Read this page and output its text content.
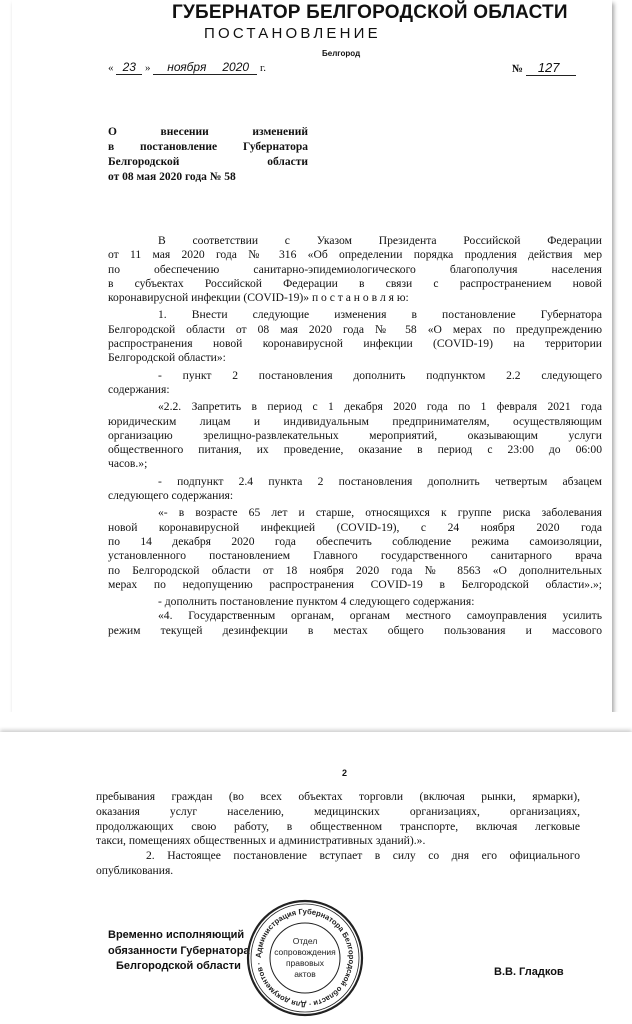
ГУБЕРНАТОР БЕЛГОРОДСКОЙ ОБЛАСТИ
ПОСТАНОВЛЕНИЕ
Белгород
« 23 » ноября 2020 г.	№ 127
О внесении изменений
в постановление Губернатора
Белгородской области
от 08 мая 2020 года № 58
В соответствии с Указом Президента Российской Федерации
от 11 мая 2020 года № 316 «Об определении порядка продления действия мер
по обеспечению санитарно-эпидемиологического благополучия населения
в субъектах Российской Федерации в связи с распространением новой
коронавирусной инфекции (COVID-19)» п о с т а н о в л я ю:
1. Внести следующие изменения в постановление Губернатора
Белгородской области от 08 мая 2020 года № 58 «О мерах по предупреждению
распространения новой коронавирусной инфекции (COVID-19) на территории
Белгородской области»:
- пункт 2 постановления дополнить подпунктом 2.2 следующего
содержания:
«2.2. Запретить в период с 1 декабря 2020 года по 1 февраля 2021 года
юридическим лицам и индивидуальным предпринимателям, осуществляющим
организацию зрелищно-развлекательных мероприятий, оказывающим услуги
общественного питания, их проведение, оказание в период с 23:00 до 06:00
часов.»;
- подпункт 2.4 пункта 2 постановления дополнить четвертым абзацем
следующего содержания:
«- в возрасте 65 лет и старше, относящихся к группе риска заболевания
новой коронавирусной инфекцией (COVID-19), с 24 ноября 2020 года
по 14 декабря 2020 года обеспечить соблюдение режима самоизоляции,
установленного постановлением Главного государственного санитарного врача
по Белгородской области от 18 ноября 2020 года № 8563 «О дополнительных
мерах по недопущению распространения COVID-19 в Белгородской области».»;
- дополнить постановление пунктом 4 следующего содержания:
«4. Государственным органам, органам местного самоуправления усилить
режим текущей дезинфекции в местах общего пользования и массового
2
пребывания граждан (во всех объектах торговли (включая рынки, ярмарки),
оказания услуг населению, медицинских организациях, организациях,
продолжающих свою работу, в общественном транспорте, включая легковые
такси, помещениях общественных и административных зданий).».
2. Настоящее постановление вступает в силу со дня его официального
опубликования.
Временно исполняющий
обязанности Губернатора
Белгородской области
Администрация Губернатора Белгородской области · Для документов ·
Отдел
сопровождения
правовых
актов	В.В. Гладков
